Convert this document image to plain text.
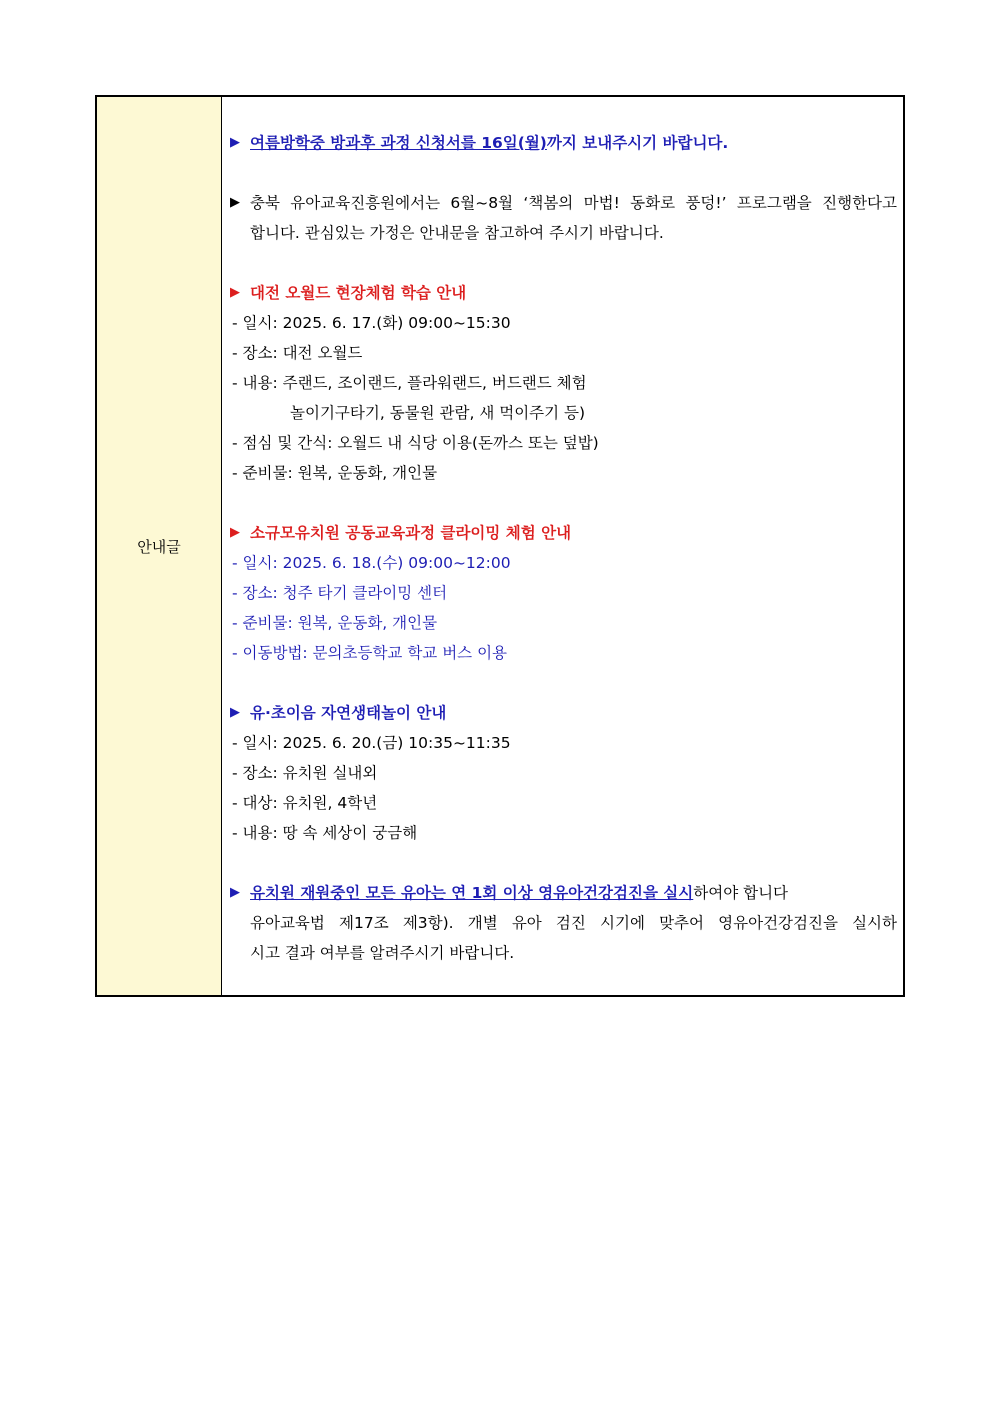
안내글
▶ 여름방학중 방과후 과정 신청서를 16일(월)까지 보내주시기 바랍니다.
▶ 충북 유아교육진흥원에서는 6월~8월 ‘책봄의 마법! 동화로 풍덩!’ 프로그램을 진행한다고
합니다. 관심있는 가정은 안내문을 참고하여 주시기 바랍니다.
▶ 대전 오월드 현장체험 학습 안내
- 일시: 2025. 6. 17.(화) 09:00~15:30
- 장소: 대전 오월드
- 내용: 주랜드, 조이랜드, 플라워랜드, 버드랜드 체험
놀이기구타기, 동물원 관람, 새 먹이주기 등)
- 점심 및 간식: 오월드 내 식당 이용(돈까스 또는 덮밥)
- 준비물: 원복, 운동화, 개인물
▶ 소규모유치원 공동교육과정 클라이밍 체험 안내
- 일시: 2025. 6. 18.(수) 09:00~12:00
- 장소: 청주 타기 클라이밍 센터
- 준비물: 원복, 운동화, 개인물
- 이동방법: 문의초등학교 학교 버스 이용
▶ 유·초이음 자연생태놀이 안내
- 일시: 2025. 6. 20.(금) 10:35~11:35
- 장소: 유치원 실내외
- 대상: 유치원, 4학년
- 내용: 땅 속 세상이 궁금해
▶ 유치원 재원중인 모든 유아는 연 1회 이상 영유아건강검진을 실시하여야 합니다
유아교육법 제17조 제3항). 개별 유아 검진 시기에 맞추어 영유아건강검진을 실시하
시고 결과 여부를 알려주시기 바랍니다.
